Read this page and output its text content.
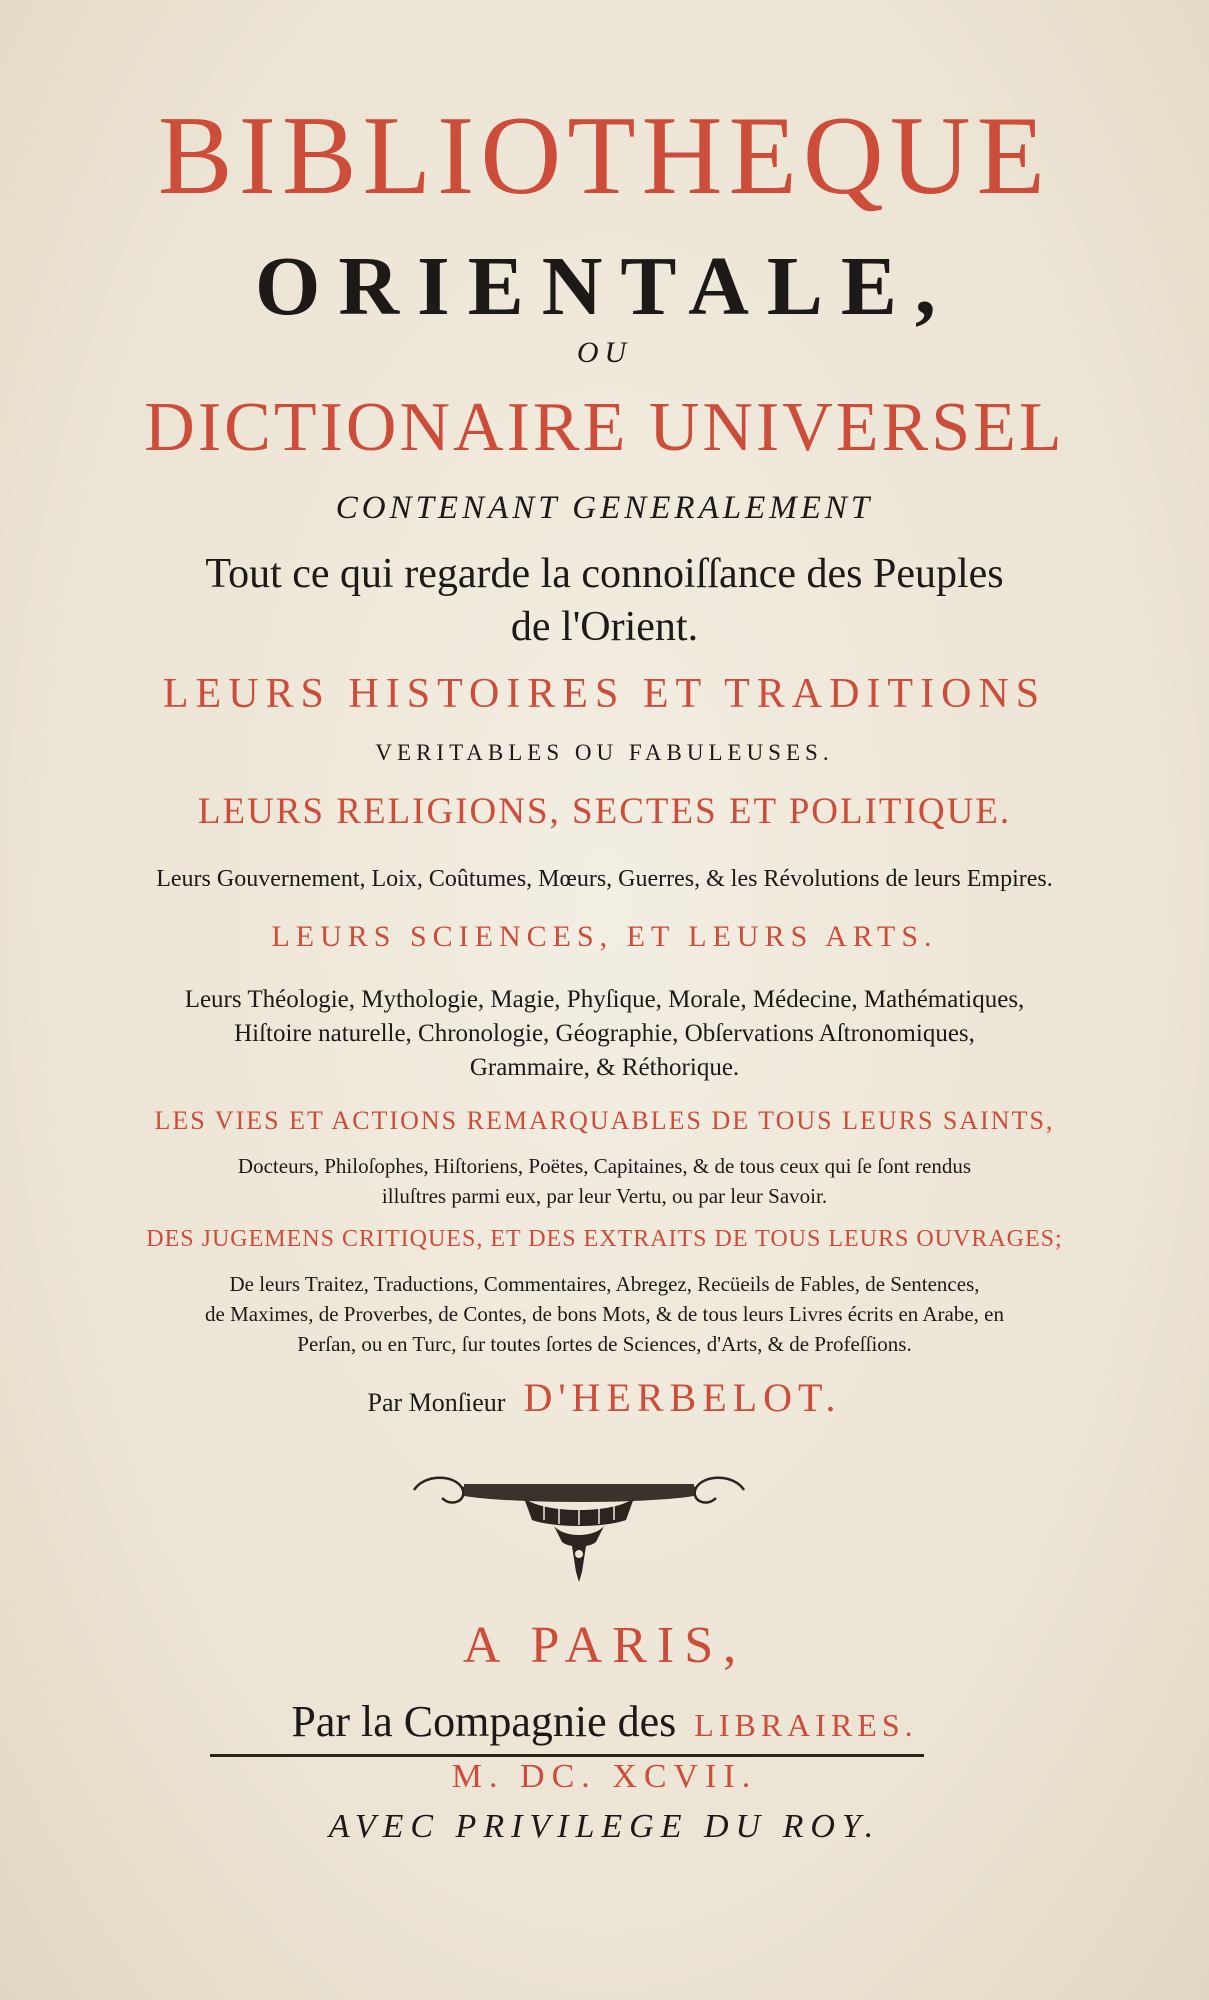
BIBLIOTHEQUE
ORIENTALE,
OU
DICTIONAIRE UNIVERSEL
CONTENANT GENERALEMENT
Tout ce qui regarde la connoiſſance des Peuples
de l'Orient.
LEURS HISTOIRES ET TRADITIONS
VERITABLES OU FABULEUSES.
LEURS RELIGIONS, SECTES ET POLITIQUE.
Leurs Gouvernement, Loix, Coûtumes, Mœurs, Guerres, & les Révolutions de leurs Empires.
LEURS SCIENCES, ET LEURS ARTS.
Leurs Théologie, Mythologie, Magie, Phyſique, Morale, Médecine, Mathématiques,
Hiſtoire naturelle, Chronologie, Géographie, Obſervations Aſtronomiques,
Grammaire, & Réthorique.
LES VIES ET ACTIONS REMARQUABLES DE TOUS LEURS SAINTS,
Docteurs, Philoſophes, Hiſtoriens, Poëtes, Capitaines, & de tous ceux qui ſe ſont rendus
illuſtres parmi eux, par leur Vertu, ou par leur Savoir.
DES JUGEMENS CRITIQUES, ET DES EXTRAITS DE TOUS LEURS OUVRAGES;
De leurs Traitez, Traductions, Commentaires, Abregez, Recüeils de Fables, de Sentences,
de Maximes, de Proverbes, de Contes, de bons Mots, & de tous leurs Livres écrits en Arabe, en
Perſan, ou en Turc, ſur toutes ſortes de Sciences, d'Arts, & de Profeſſions.
Par Monſieur D'HERBELOT.
A PARIS,
Par la Compagnie des LIBRAIRES.
M. DC. XCVII.
AVEC PRIVILEGE DU ROY.
